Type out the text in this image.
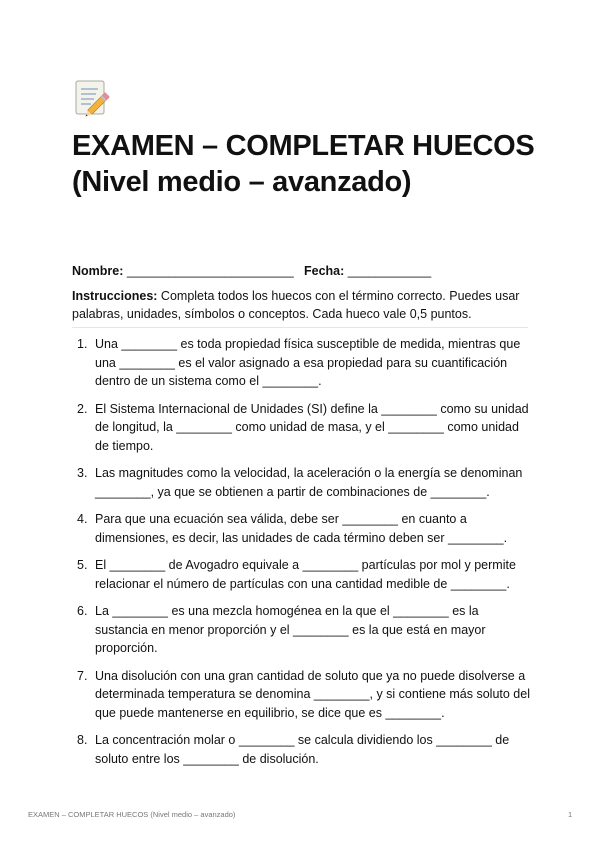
EXAMEN – COMPLETAR HUECOS (Nivel medio – avanzado)
Nombre: ________________________ Fecha: ____________

Instrucciones: Completa todos los huecos con el término correcto. Puedes usar palabras, unidades, símbolos o conceptos. Cada hueco vale 0,5 puntos.

1. Una ________ es toda propiedad física susceptible de medida, mientras que una ________ es el valor asignado a esa propiedad para su cuantificación dentro de un sistema como el ________.
2. El Sistema Internacional de Unidades (SI) define la ________ como su unidad de longitud, la ________ como unidad de masa, y el ________ como unidad de tiempo.
3. Las magnitudes como la velocidad, la aceleración o la energía se denominan ________, ya que se obtienen a partir de combinaciones de ________.
4. Para que una ecuación sea válida, debe ser ________ en cuanto a dimensiones, es decir, las unidades de cada término deben ser ________.
5. El ________ de Avogadro equivale a ________ partículas por mol y permite relacionar el número de partículas con una cantidad medible de ________.
6. La ________ es una mezcla homogénea en la que el ________ es la sustancia en menor proporción y el ________ es la que está en mayor proporción.
7. Una disolución con una gran cantidad de soluto que ya no puede disolverse a determinada temperatura se denomina ________, y si contiene más soluto del que puede mantenerse en equilibrio, se dice que es ________.
8. La concentración molar o ________ se calcula dividiendo los ________ de soluto entre los ________ de disolución.
EXAMEN – COMPLETAR HUECOS (Nivel medio – avanzado)	1
